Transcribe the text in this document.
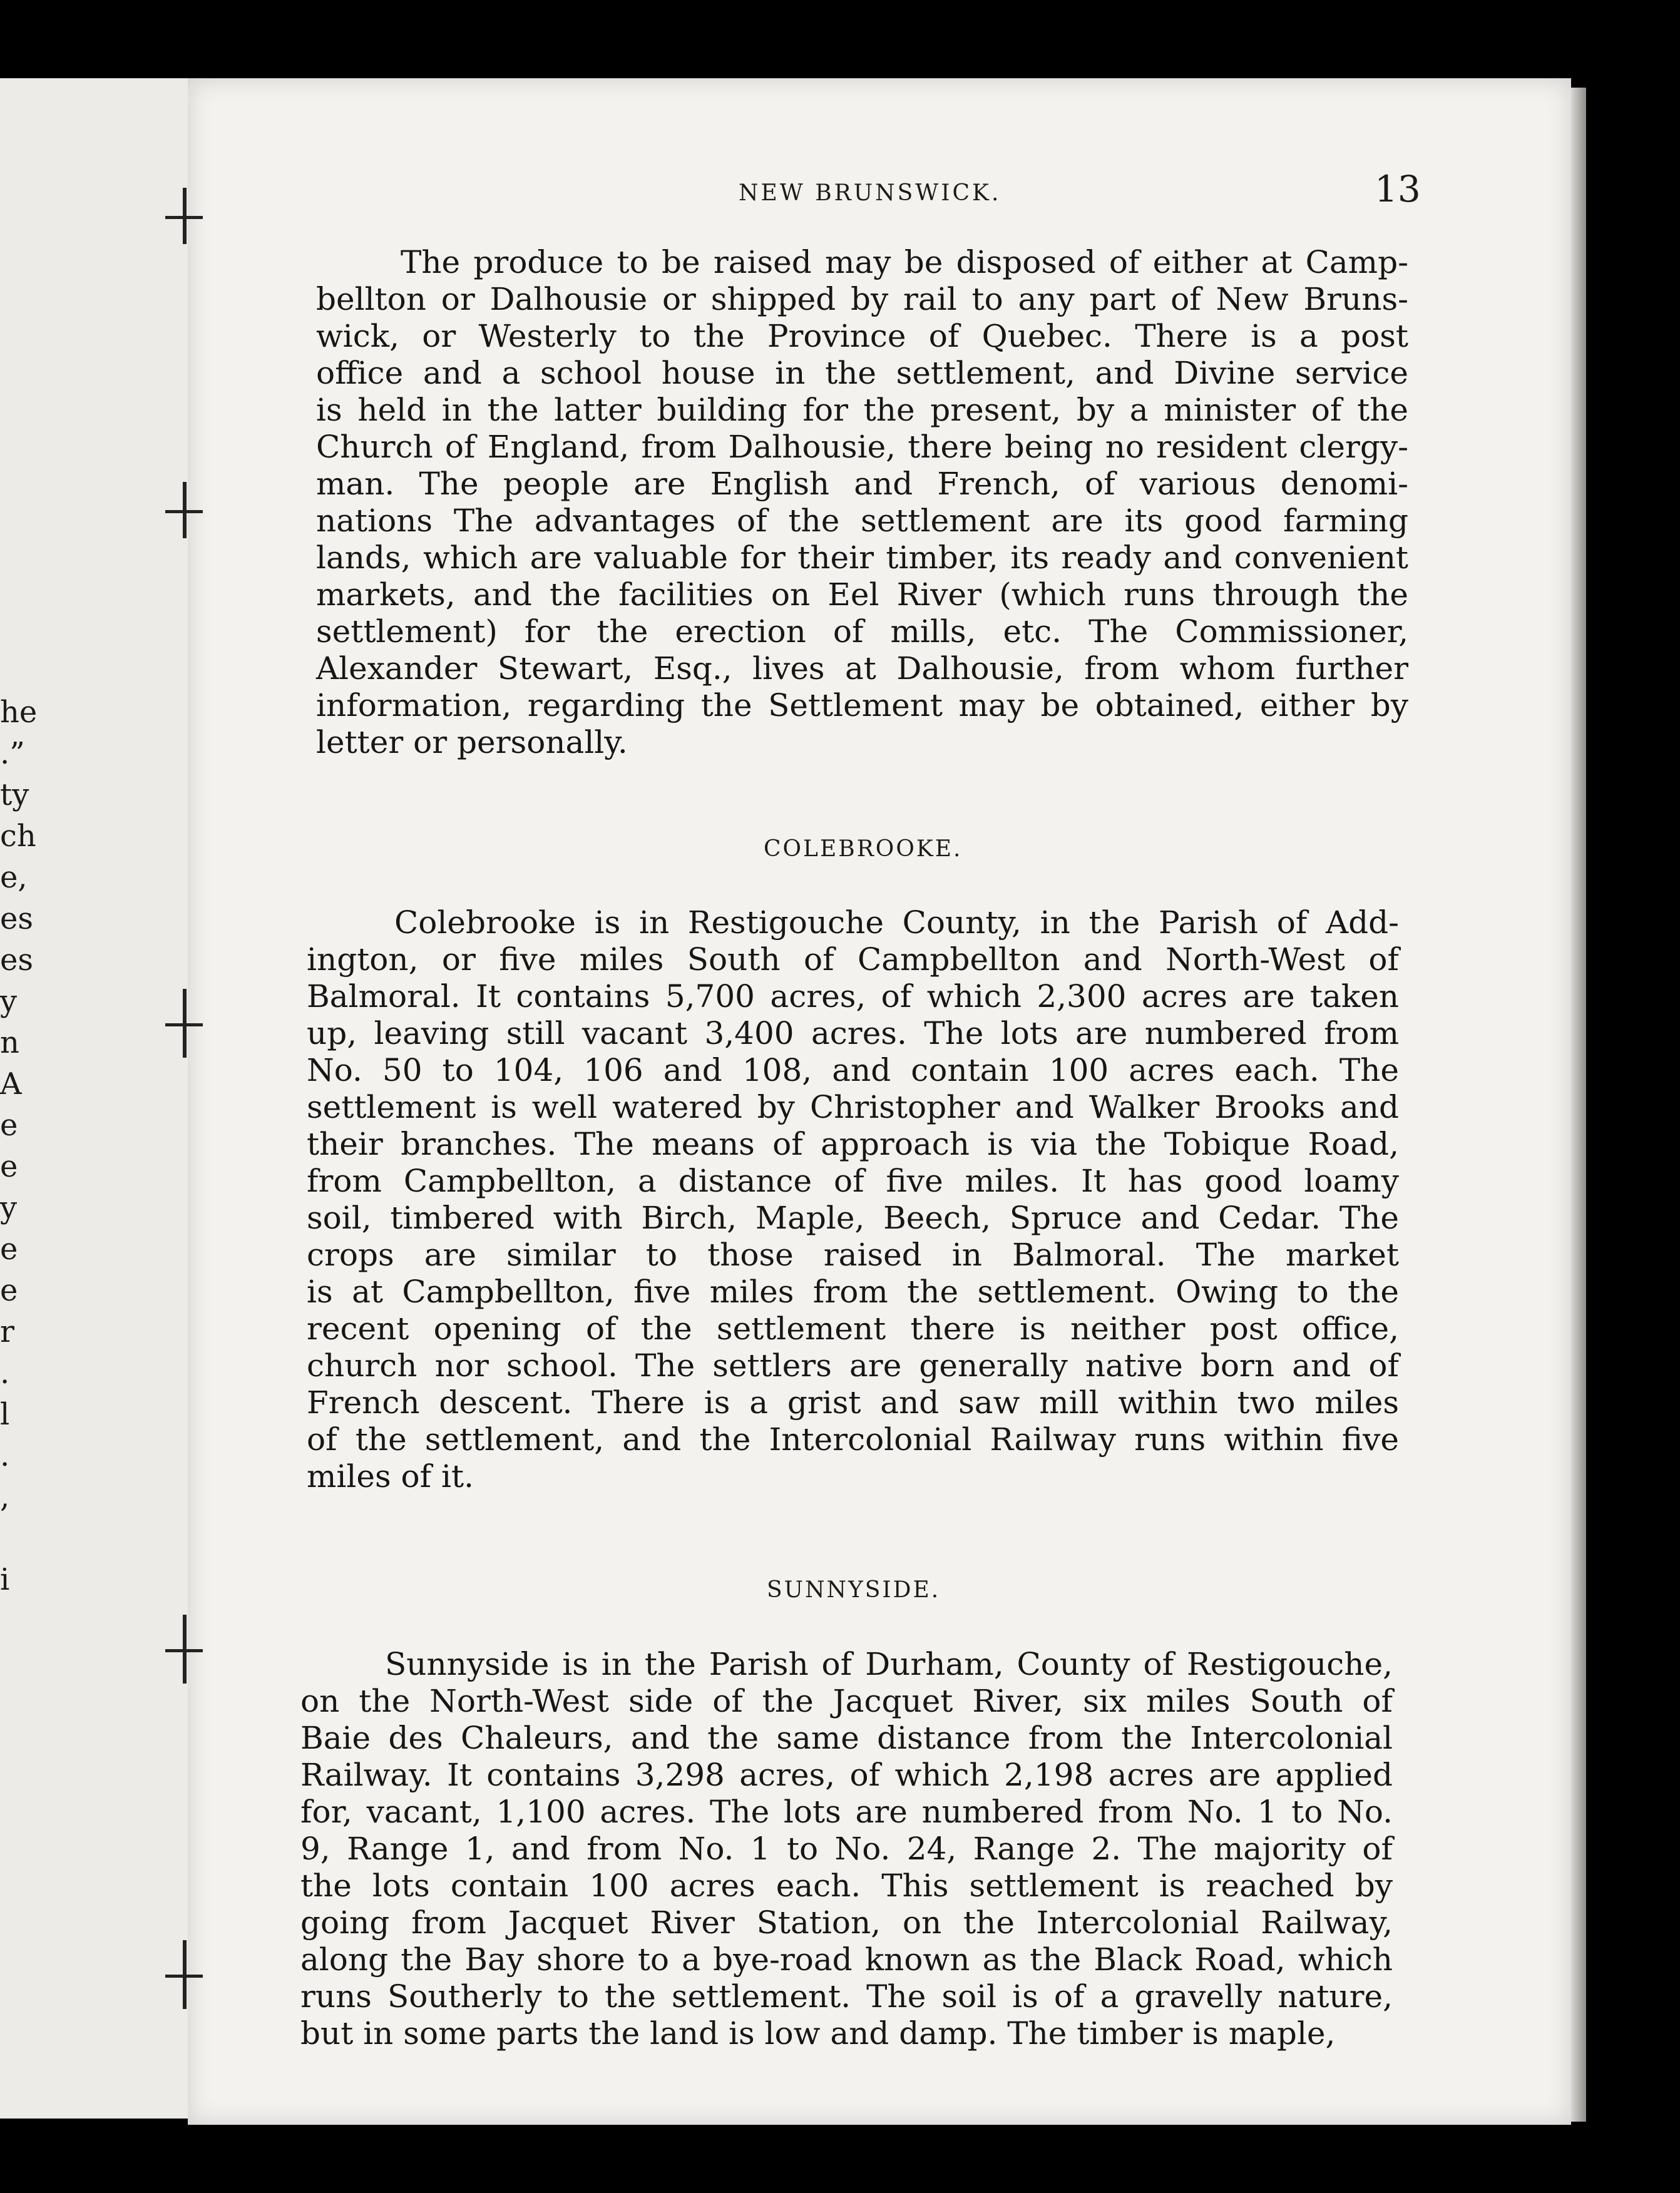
he
.”
ty
ch
e,
es
es
y
n
A
e
e
y
e
e
r
.
l
.
,
i
NEW BRUNSWICK.	13
The produce to be raised may be disposed of either at Camp-
bellton or Dalhousie or shipped by rail to any part of New Bruns-
wick, or Westerly to the Province of Quebec. There is a post
office and a school house in the settlement, and Divine service
is held in the latter building for the present, by a minister of the
Church of England, from Dalhousie, there being no resident clergy-
man. The people are English and French, of various denomi-
nations The advantages of the settlement are its good farming
lands, which are valuable for their timber, its ready and convenient
markets, and the facilities on Eel River (which runs through the
settlement) for the erection of mills, etc. The Commissioner,
Alexander Stewart, Esq., lives at Dalhousie, from whom further
information, regarding the Settlement may be obtained, either by
letter or personally.
COLEBROOKE.
Colebrooke is in Restigouche County, in the Parish of Add-
ington, or five miles South of Campbellton and North-West of
Balmoral. It contains 5,700 acres, of which 2,300 acres are taken
up, leaving still vacant 3,400 acres. The lots are numbered from
No. 50 to 104, 106 and 108, and contain 100 acres each. The
settlement is well watered by Christopher and Walker Brooks and
their branches. The means of approach is via the Tobique Road,
from Campbellton, a distance of five miles. It has good loamy
soil, timbered with Birch, Maple, Beech, Spruce and Cedar. The
crops are similar to those raised in Balmoral. The market
is at Campbellton, five miles from the settlement. Owing to the
recent opening of the settlement there is neither post office,
church nor school. The settlers are generally native born and of
French descent. There is a grist and saw mill within two miles
of the settlement, and the Intercolonial Railway runs within five
miles of it.
SUNNYSIDE.
Sunnyside is in the Parish of Durham, County of Restigouche,
on the North-West side of the Jacquet River, six miles South of
Baie des Chaleurs, and the same distance from the Intercolonial
Railway. It contains 3,298 acres, of which 2,198 acres are applied
for, vacant, 1,100 acres. The lots are numbered from No. 1 to No.
9, Range 1, and from No. 1 to No. 24, Range 2. The majority of
the lots contain 100 acres each. This settlement is reached by
going from Jacquet River Station, on the Intercolonial Railway,
along the Bay shore to a bye-road known as the Black Road, which
runs Southerly to the settlement. The soil is of a gravelly nature,
but in some parts the land is low and damp. The timber is maple,
